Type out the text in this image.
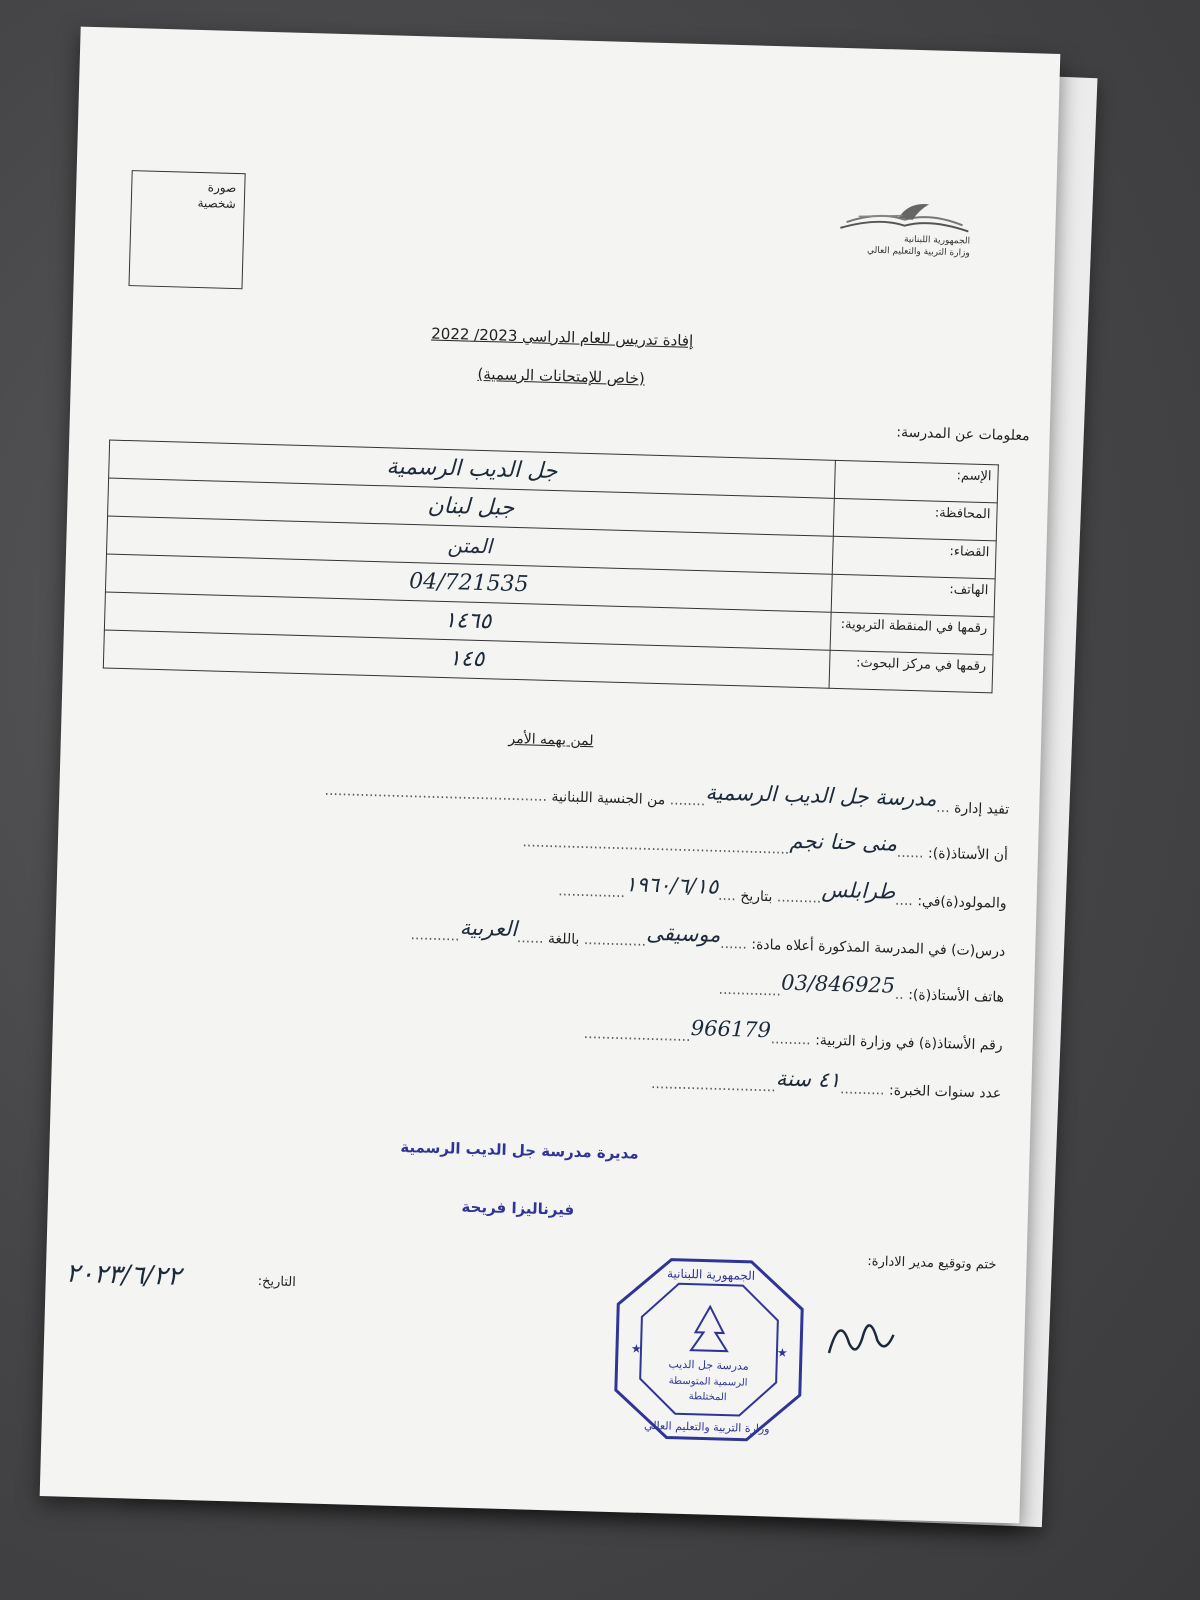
صورة شخصية
الجمهورية اللبنانية
وزارة التربية والتعليم العالي
إفادة تدريس للعام الدراسي 2023/ 2022
(خاص للإمتحانات الرسمية)
معلومات عن المدرسة:
الإسم:	جل الديب الرسمية
المحافظة:	جبل لبنان
القضاء:	المتن
الهاتف:	04/721535
رقمها في المنقطة التربوية:	١٤٦٥
رقمها في مركز البحوث:	١٤٥
لمن يهمه الأمر
تفيد إدارة ...مدرسة جل الديب الرسمية........ من الجنسية اللبنانية ..................................................
أن الأستاذ(ة): ......منى حنا نجم............................................................
والمولود(ة)في: ....طرابلس.......... بتاريخ ....١٩٦٠/٦/١٥...............
درس(ت) في المدرسة المذكورة أعلاه مادة: ......موسيقى.............. باللغة ......العربية...........
هاتف الأستاذ(ة): ..03/846925..............
رقم الأستاذ(ة) في وزارة التربية: .........966179........................
عدد سنوات الخبرة: ..........٤١ سنة............................
مديرة مدرسة جل الديب الرسمية
فيرناليزا فريحة
ختم وتوقيع مدير الادارة:
التاريخ:
٢٠٢٣/٦/٢٢	الجمهورية اللبنانية
وزارة التربية والتعليم العالي
مدرسة جل الديب
الرسمية المتوسطة
المختلطة
★	★
